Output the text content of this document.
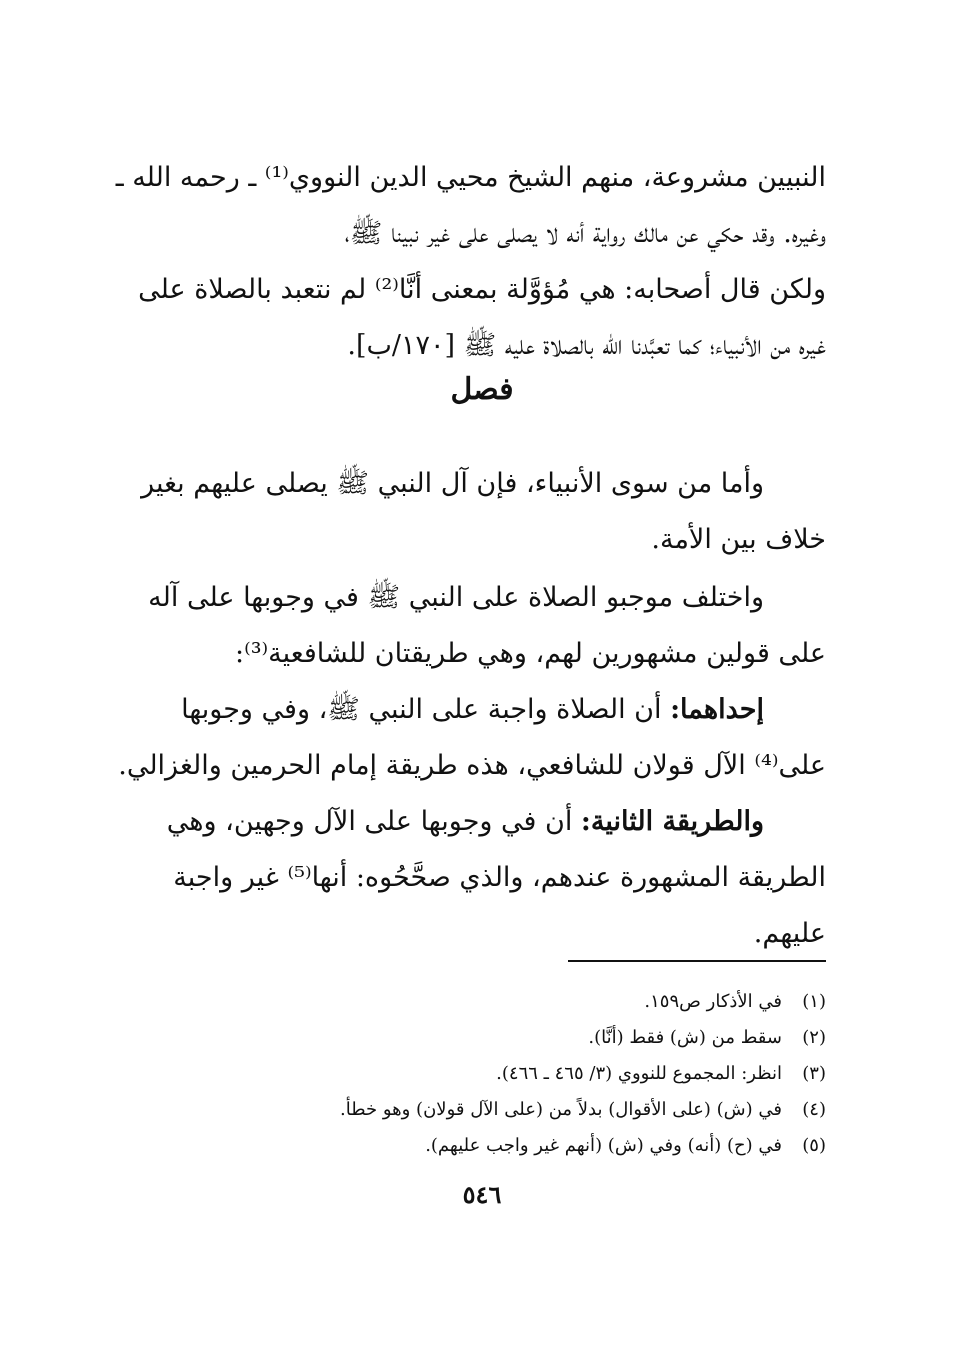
النبيين مشروعة، منهم الشيخ محيي الدين النووي⁽¹⁾ ـ رحمه الله ـ
وغيره. وقد حكي عن مالك رواية أنه لا يصلى على غير نبينا ﷺ،
ولكن قال أصحابه: هي مُؤوَّلة بمعنى أنَّا⁽²⁾ لم نتعبد بالصلاة على
غيره من الأنبياء؛ كما تعبَّدنا الله بالصلاة عليه ﷺ [١٧٠/ب].
فصل
وأما من سوى الأنبياء، فإن آل النبي ﷺ يصلى عليهم بغير
خلاف بين الأمة.
واختلف موجبو الصلاة على النبي ﷺ في وجوبها على آله
على قولين مشهورين لهم، وهي طريقتان للشافعية⁽³⁾:
إحداهما: أن الصلاة واجبة على النبي ﷺ، وفي وجوبها
على⁽⁴⁾ الآل قولان للشافعي، هذه طريقة إمام الحرمين والغزالي.
والطريقة الثانية: أن في وجوبها على الآل وجهين، وهي
الطريقة المشهورة عندهم، والذي صحَّحُوه: أنها⁽⁵⁾ غير واجبة
عليهم.
(١)
في الأذكار ص١٥٩.
(٢)
سقط من (ش) فقط (أنَّا).
(٣)
انظر: المجموع للنووي (٣/ ٤٦٥ ـ ٤٦٦).
(٤)
في (ش) (على الأقوال) بدلاً من (على الآل قولان) وهو خطأ.
(٥)
في (ح) (أنه) وفي (ش) (أنهم غير واجب عليهم).
٥٤٦
